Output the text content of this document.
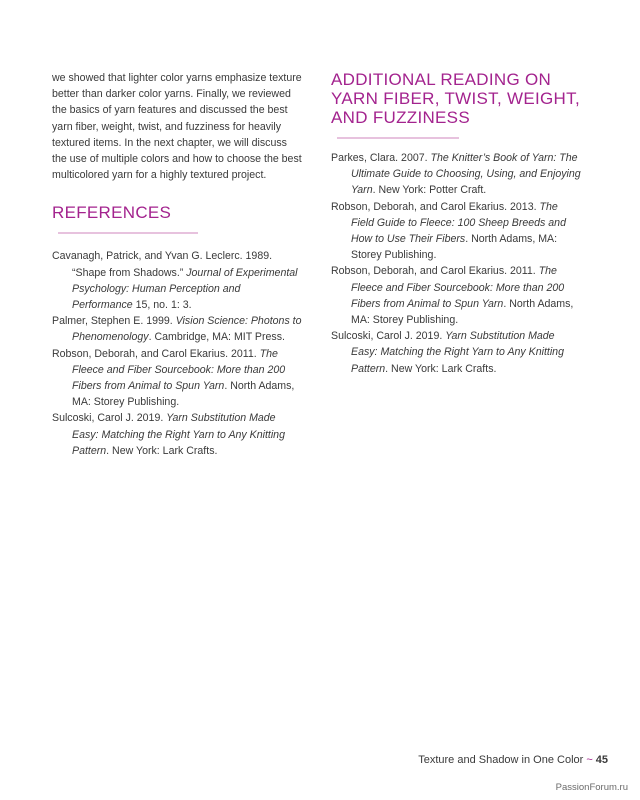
we showed that lighter color yarns emphasize texture better than darker color yarns. Finally, we reviewed the basics of yarn features and discussed the best yarn fiber, weight, twist, and fuzziness for heavily textured items. In the next chapter, we will discuss the use of multiple colors and how to choose the best multicolored yarn for a highly textured project.

REFERENCES

Cavanagh, Patrick, and Yvan G. Leclerc. 1989. “Shape from Shadows.” Journal of Experimental Psychology: Human Perception and Performance 15, no. 1: 3.

Palmer, Stephen E. 1999. Vision Science: Photons to Phenomenology. Cambridge, MA: MIT Press.

Robson, Deborah, and Carol Ekarius. 2011. The Fleece and Fiber Sourcebook: More than 200 Fibers from Animal to Spun Yarn. North Adams, MA: Storey Publishing.

Sulcoski, Carol J. 2019. Yarn Substitution Made Easy: Matching the Right Yarn to Any Knitting Pattern. New York: Lark Crafts.

ADDITIONAL READING ON
YARN FIBER, TWIST, WEIGHT,
AND FUZZINESS

Parkes, Clara. 2007. The Knitter’s Book of Yarn: The Ultimate Guide to Choosing, Using, and Enjoying Yarn. New York: Potter Craft.

Robson, Deborah, and Carol Ekarius. 2013. The Field Guide to Fleece: 100 Sheep Breeds and How to Use Their Fibers. North Adams, MA: Storey Publishing.

Robson, Deborah, and Carol Ekarius. 2011. The Fleece and Fiber Sourcebook: More than 200 Fibers from Animal to Spun Yarn. North Adams, MA: Storey Publishing.

Sulcoski, Carol J. 2019. Yarn Substitution Made Easy: Matching the Right Yarn to Any Knitting Pattern. New York: Lark Crafts.

Texture and Shadow in One Color ~ 45
PassionForum.ru
